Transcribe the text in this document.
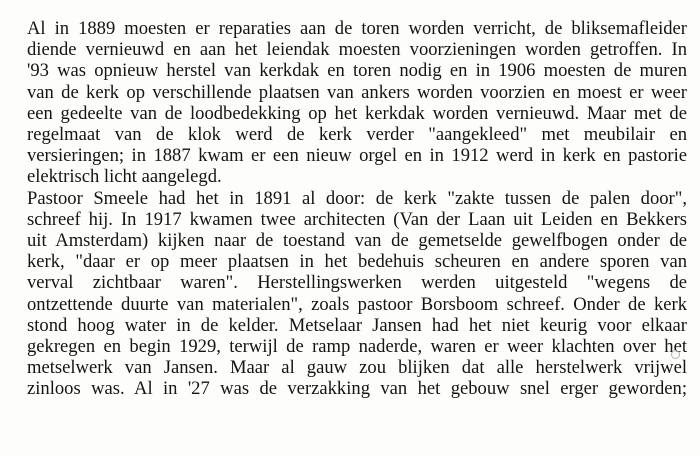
Al in 1889 moesten er reparaties aan de toren worden verricht, de bliksemafleider
diende vernieuwd en aan het leiendak moesten voorzieningen worden getroffen. In
'93 was opnieuw herstel van kerkdak en toren nodig en in 1906 moesten de muren
van de kerk op verschillende plaatsen van ankers worden voorzien en moest er weer
een gedeelte van de loodbedekking op het kerkdak worden vernieuwd. Maar met de
regelmaat van de klok werd de kerk verder "aangekleed" met meubilair en
versieringen; in 1887 kwam er een nieuw orgel en in 1912 werd in kerk en pastorie
elektrisch licht aangelegd.
Pastoor Smeele had het in 1891 al door: de kerk "zakte tussen de palen door",
schreef hij. In 1917 kwamen twee architecten (Van der Laan uit Leiden en Bekkers
uit Amsterdam) kijken naar de toestand van de gemetselde gewelfbogen onder de
kerk, "daar er op meer plaatsen in het bedehuis scheuren en andere sporen van
verval zichtbaar waren". Herstellingswerken werden uitgesteld "wegens de
ontzettende duurte van materialen", zoals pastoor Borsboom schreef. Onder de kerk
stond hoog water in de kelder. Metselaar Jansen had het niet keurig voor elkaar
gekregen en begin 1929, terwijl de ramp naderde, waren er weer klachten over het
metselwerk van Jansen. Maar al gauw zou blijken dat alle herstelwerk vrijwel
zinloos was. Al in '27 was de verzakking van het gebouw snel erger geworden;
